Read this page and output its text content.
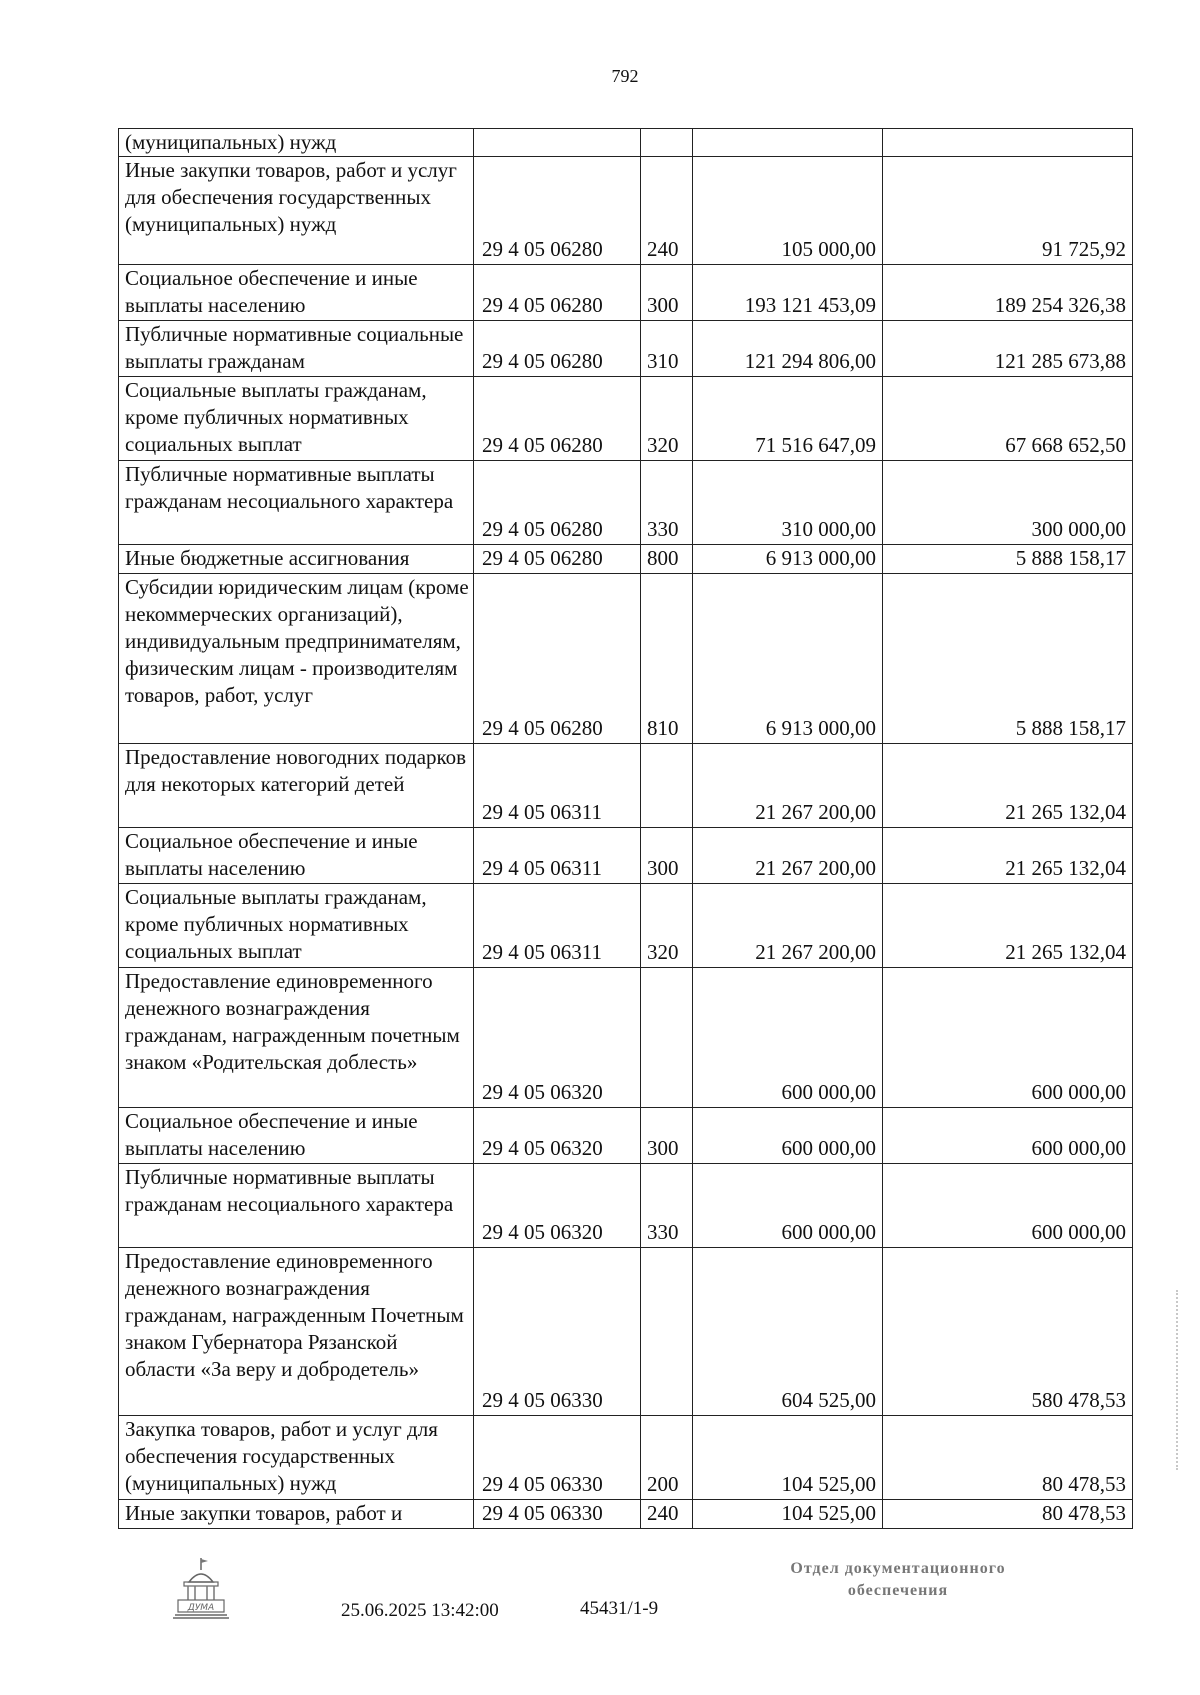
792
(муниципальных) нужд				
Иные закупки товаров, работ и услуг для обеспечения государственных (муниципальных) нужд	29 4 05 06280	240	105 000,00	91 725,92
Социальное обеспечение и иные выплаты населению	29 4 05 06280	300	193 121 453,09	189 254 326,38
Публичные нормативные социальные выплаты гражданам	29 4 05 06280	310	121 294 806,00	121 285 673,88
Социальные выплаты гражданам, кроме публичных нормативных социальных выплат	29 4 05 06280	320	71 516 647,09	67 668 652,50
Публичные нормативные выплаты гражданам несоциального характера	29 4 05 06280	330	310 000,00	300 000,00
Иные бюджетные ассигнования	29 4 05 06280	800	6 913 000,00	5 888 158,17
Субсидии юридическим лицам (кроме некоммерческих организаций), индивидуальным предпринимателям, физическим лицам - производителям товаров, работ, услуг	29 4 05 06280	810	6 913 000,00	5 888 158,17
Предоставление новогодних подарков для некоторых категорий детей	29 4 05 06311		21 267 200,00	21 265 132,04
Социальное обеспечение и иные выплаты населению	29 4 05 06311	300	21 267 200,00	21 265 132,04
Социальные выплаты гражданам, кроме публичных нормативных социальных выплат	29 4 05 06311	320	21 267 200,00	21 265 132,04
Предоставление единовременного денежного вознаграждения гражданам, награжденным почетным знаком «Родительская доблесть»	29 4 05 06320		600 000,00	600 000,00
Социальное обеспечение и иные выплаты населению	29 4 05 06320	300	600 000,00	600 000,00
Публичные нормативные выплаты гражданам несоциального характера	29 4 05 06320	330	600 000,00	600 000,00
Предоставление единовременного денежного вознаграждения гражданам, награжденным Почетным знаком Губернатора Рязанской области «За веру и добродетель»	29 4 05 06330		604 525,00	580 478,53
Закупка товаров, работ и услуг для обеспечения государственных (муниципальных) нужд	29 4 05 06330	200	104 525,00	80 478,53
Иные закупки товаров, работ и	29 4 05 06330	240	104 525,00	80 478,53
ДУМА	25.06.2025 13:42:00	45431/1-9
Отдел документационного
обеспечения
